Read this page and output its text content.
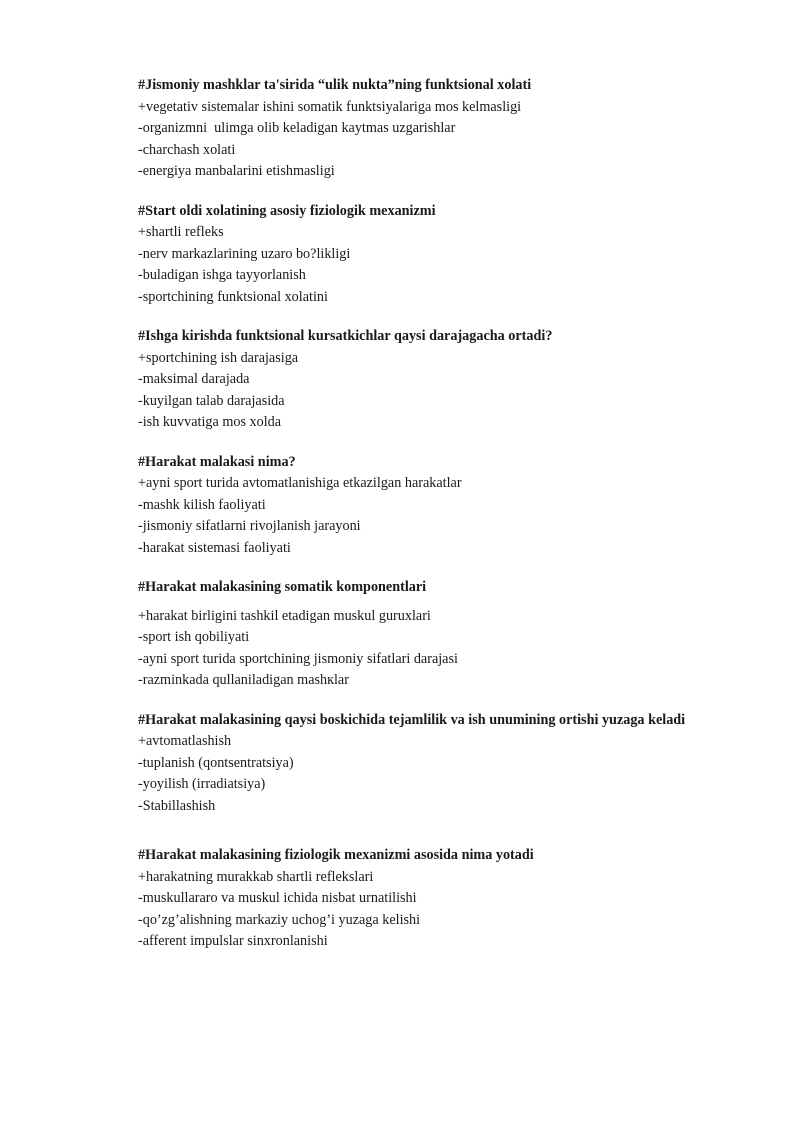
#Jismoniy mashklar ta'sirida “ulik nukta”ning funktsional xolati
+vegetativ sistemalar ishini somatik funktsiyalariga mos kelmasligi
-organizmni  ulimga olib keladigan kaytmas uzgarishlar
-charchash xolati
-energiya manbalarini etishmasligi
#Start oldi xolatining asosiy fiziologik mexanizmi
+shartli refleks
-nerv markazlarining uzaro bo?likligi
-buladigan ishga tayyorlanish
-sportchining funktsional xolatini
#Ishga kirishda funktsional kursatkichlar qaysi darajagacha ortadi?
+sportchining ish darajasiga
-maksimal darajada
-kuyilgan talab darajasida
-ish kuvvatiga mos xolda
#Harakat malakasi nima?
+ayni sport turida avtomatlanishiga etkazilgan harakatlar
-mashk kilish faoliyati
-jismoniy sifatlarni rivojlanish jarayoni
-harakat sistemasi faoliyati
#Harakat malakasining somatik komponentlari
+harakat birligini tashkil etadigan muskul guruxlari
-sport ish qobiliyati
-ayni sport turida sportchining jismoniy sifatlari darajasi
-razminkada qullaniladigan mashкlar
#Harakat malakasining qaysi boskichida tejamlilik va ish unumining ortishi yuzaga keladi
+avtomatlashish
-tuplanish (qontsentratsiya)
-yoyilish (irradiatsiya)
-Stabillashish
#Harakat malakasining fiziologik mexanizmi asosida nima yotadi
+harakatning murakkab shartli reflekslari
-muskullararo va muskul ichida nisbat urnatilishi
-qo’zg’alishning markaziy uchog’i yuzaga kelishi
-afferent impulslar sinxronlanishi
